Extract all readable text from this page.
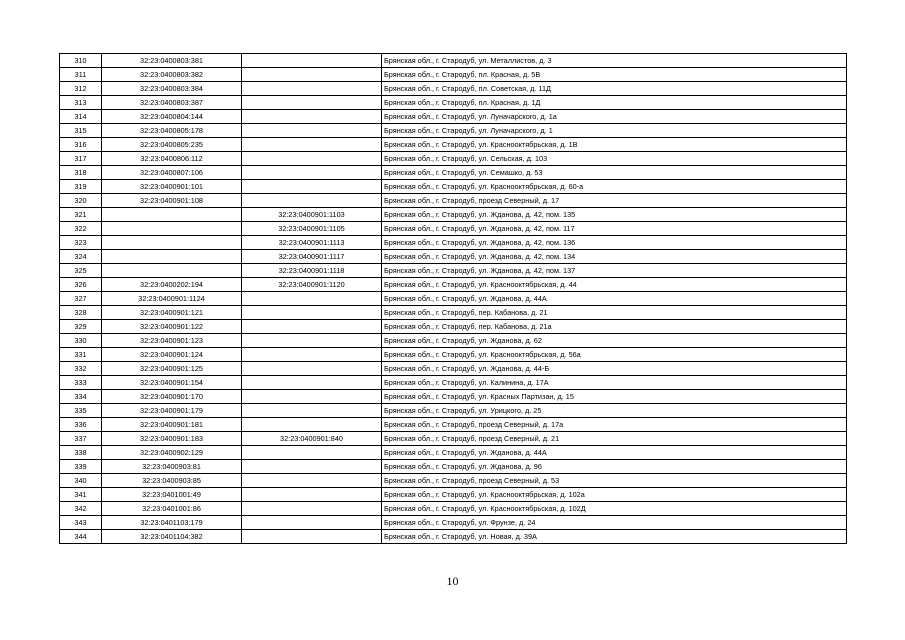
310	32:23:0400803:381		Брянская обл., г. Стародуб, ул. Металлистов, д. 3
311	32:23:0400803:382		Брянская обл., г. Стародуб, пл. Красная, д. 5В
312	32:23:0400803:384		Брянская обл., г. Стародуб, пл. Советская, д. 11Д
313	32:23:0400803:387		Брянская обл., г. Стародуб, пл. Красная, д. 1Д
314	32:23:0400804:144		Брянская обл., г. Стародуб, ул. Луначарского, д. 1а
315	32:23:0400805:178		Брянская обл., г. Стародуб, ул. Луначарского, д. 1
316	32:23:0400805:235		Брянская обл., г. Стародуб, ул. Краснооктябрьская, д. 1В
317	32:23:0400806:112		Брянская обл., г. Стародуб, ул. Сельская, д. 103
318	32:23:0400807:106		Брянская обл., г. Стародуб, ул. Семашко, д. 53
319	32:23:0400901:101		Брянская обл., г. Стародуб, ул. Краснооктябрьская, д. 60-а
320	32:23:0400901:108		Брянская обл., г. Стародуб, проезд Северный, д. 17
321		32:23:0400901:1103	Брянская обл., г. Стародуб, ул. Жданова, д. 42, пом. 135
322		32:23:0400901:1105	Брянская обл., г. Стародуб, ул. Жданова, д. 42, пом. 117
323		32:23:0400901:1113	Брянская обл., г. Стародуб, ул. Жданова, д. 42, пом. 136
324		32:23:0400901:1117	Брянская обл., г. Стародуб, ул. Жданова, д. 42, пом. 134
325		32:23:0400901:1118	Брянская обл., г. Стародуб, ул. Жданова, д. 42, пом. 137
326	32:23:0400202:194	32:23:0400901:1120	Брянская обл., г. Стародуб, ул. Краснооктябрьская, д. 44
327	32:23:0400901:1124		Брянская обл., г. Стародуб, ул. Жданова, д. 44А
328	32:23:0400901:121		Брянская обл., г. Стародуб, пер. Кабанова, д. 21
329	32:23:0400901:122		Брянская обл., г. Стародуб, пер. Кабанова, д. 21а
330	32:23:0400901:123		Брянская обл., г. Стародуб, ул. Жданова, д. 62
331	32:23:0400901:124		Брянская обл., г. Стародуб, ул. Краснооктябрьская, д. 56а
332	32:23:0400901:125		Брянская обл., г. Стародуб, ул. Жданова, д. 44-Б
333	32:23:0400901:154		Брянская обл., г. Стародуб, ул. Калинина, д. 17А
334	32:23:0400901:170		Брянская обл., г. Стародуб, ул. Красных Партизан, д. 15
335	32:23:0400901:179		Брянская обл., г. Стародуб, ул. Урицкого, д. 25
336	32:23:0400901:181		Брянская обл., г. Стародуб, проезд Северный, д. 17а
337	32:23:0400901:183	32:23:0400901:840	Брянская обл., г. Стародуб, проезд Северный, д. 21
338	32:23:0400902:129		Брянская обл., г. Стародуб, ул. Жданова, д. 44А
339	32:23:0400903:81		Брянская обл., г. Стародуб, ул. Жданова, д. 96
340	32:23:0400903:85		Брянская обл., г. Стародуб, проезд Северный, д. 53
341	32:23:0401001:49		Брянская обл., г. Стародуб, ул. Краснооктябрьская, д. 102а
342	32:23:0401001:86		Брянская обл., г. Стародуб, ул. Краснооктябрьская, д. 102Д
343	32:23:0401103:179		Брянская обл., г. Стародуб, ул. Фрунзе, д. 24
344	32:23:0401104:382		Брянская обл., г. Стародуб, ул. Новая, д. 39А
10
